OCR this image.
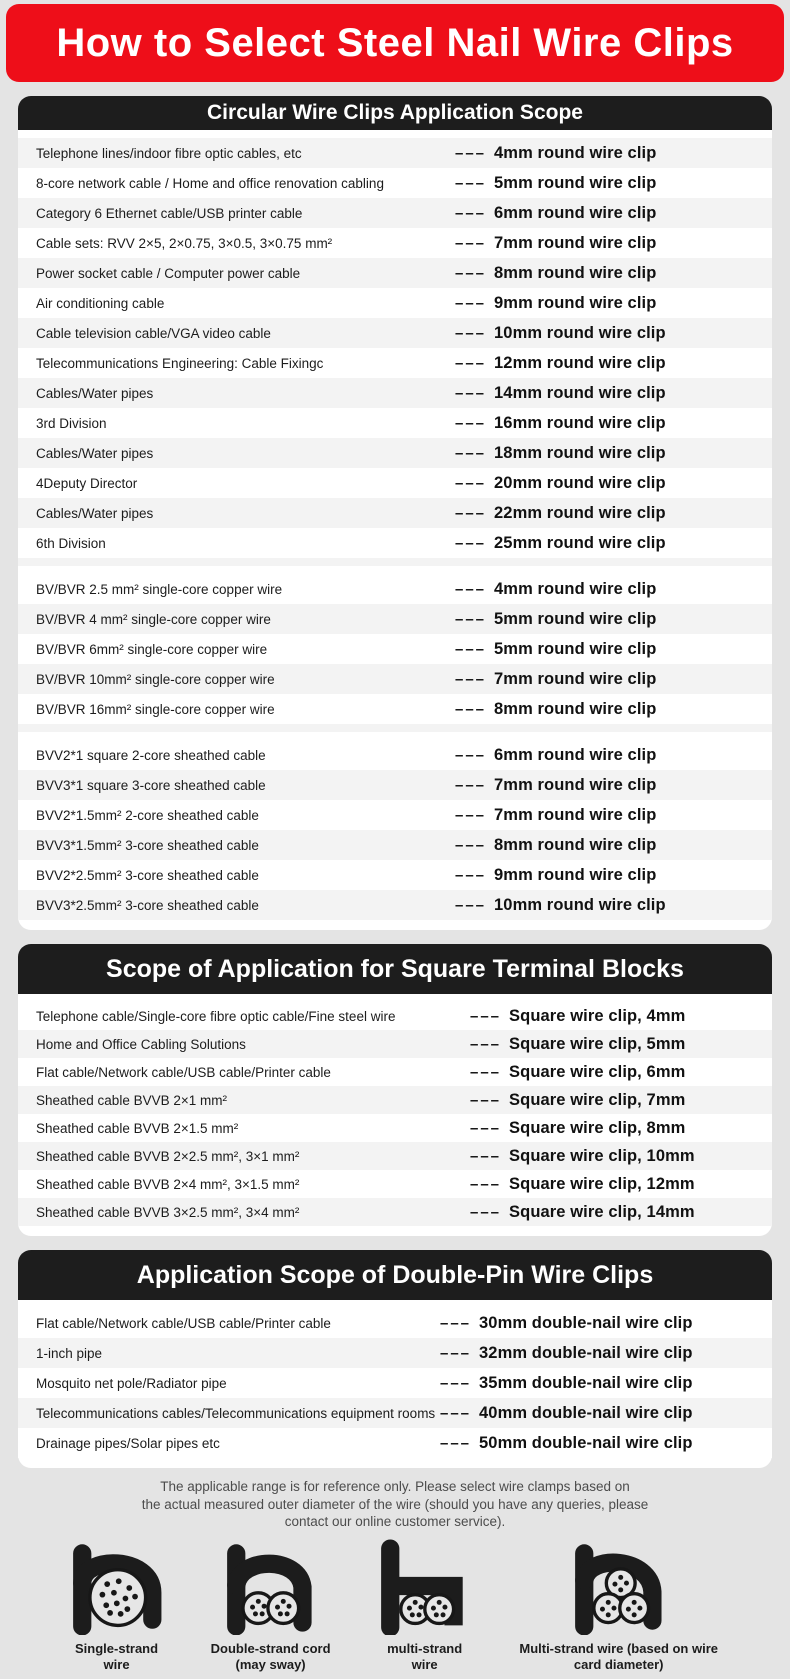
How to Select Steel Nail Wire Clips
Circular Wire Clips Application Scope
Telephone lines/indoor fibre optic cables, etc	––– 4mm round wire clip
8-core network cable / Home and office renovation cabling	––– 5mm round wire clip
Category 6 Ethernet cable/USB printer cable	––– 6mm round wire clip
Cable sets: RVV 2×5, 2×0.75, 3×0.5, 3×0.75 mm²	––– 7mm round wire clip
Power socket cable / Computer power cable	––– 8mm round wire clip
Air conditioning cable	––– 9mm round wire clip
Cable television cable/VGA video cable	––– 10mm round wire clip
Telecommunications Engineering: Cable Fixingc	––– 12mm round wire clip
Cables/Water pipes	––– 14mm round wire clip
3rd Division	––– 16mm round wire clip
Cables/Water pipes	––– 18mm round wire clip
4Deputy Director	––– 20mm round wire clip
Cables/Water pipes	––– 22mm round wire clip
6th Division	––– 25mm round wire clip
BV/BVR 2.5 mm² single-core copper wire	––– 4mm round wire clip
BV/BVR 4 mm² single-core copper wire	––– 5mm round wire clip
BV/BVR 6mm² single-core copper wire	––– 5mm round wire clip
BV/BVR 10mm² single-core copper wire	––– 7mm round wire clip
BV/BVR 16mm² single-core copper wire	––– 8mm round wire clip
BVV2*1 square 2-core sheathed cable	––– 6mm round wire clip
BVV3*1 square 3-core sheathed cable	––– 7mm round wire clip
BVV2*1.5mm² 2-core sheathed cable	––– 7mm round wire clip
BVV3*1.5mm² 3-core sheathed cable	––– 8mm round wire clip
BVV2*2.5mm² 3-core sheathed cable	––– 9mm round wire clip
BVV3*2.5mm² 3-core sheathed cable	––– 10mm round wire clip
Scope of Application for Square Terminal Blocks
Telephone cable/Single-core fibre optic cable/Fine steel wire	––– Square wire clip, 4mm
Home and Office Cabling Solutions	––– Square wire clip, 5mm
Flat cable/Network cable/USB cable/Printer cable	––– Square wire clip, 6mm
Sheathed cable BVVB 2×1 mm²	––– Square wire clip, 7mm
Sheathed cable BVVB 2×1.5 mm²	––– Square wire clip, 8mm
Sheathed cable BVVB 2×2.5 mm², 3×1 mm²	––– Square wire clip, 10mm
Sheathed cable BVVB 2×4 mm², 3×1.5 mm²	––– Square wire clip, 12mm
Sheathed cable BVVB 3×2.5 mm², 3×4 mm²	––– Square wire clip, 14mm
Application Scope of Double-Pin Wire Clips
Flat cable/Network cable/USB cable/Printer cable	––– 30mm double-nail wire clip
1-inch pipe	––– 32mm double-nail wire clip
Mosquito net pole/Radiator pipe	––– 35mm double-nail wire clip
Telecommunications cables/Telecommunications equipment rooms ––– 40mm double-nail wire clip
Drainage pipes/Solar pipes etc	––– 50mm double-nail wire clip
The applicable range is for reference only. Please select wire clamps based on
the actual measured outer diameter of the wire (should you have any queries, please
contact our online customer service).
Single-strand wire
Double-strand cord (may sway)
multi-strand wire
Multi-strand wire (based on wire card diameter)
